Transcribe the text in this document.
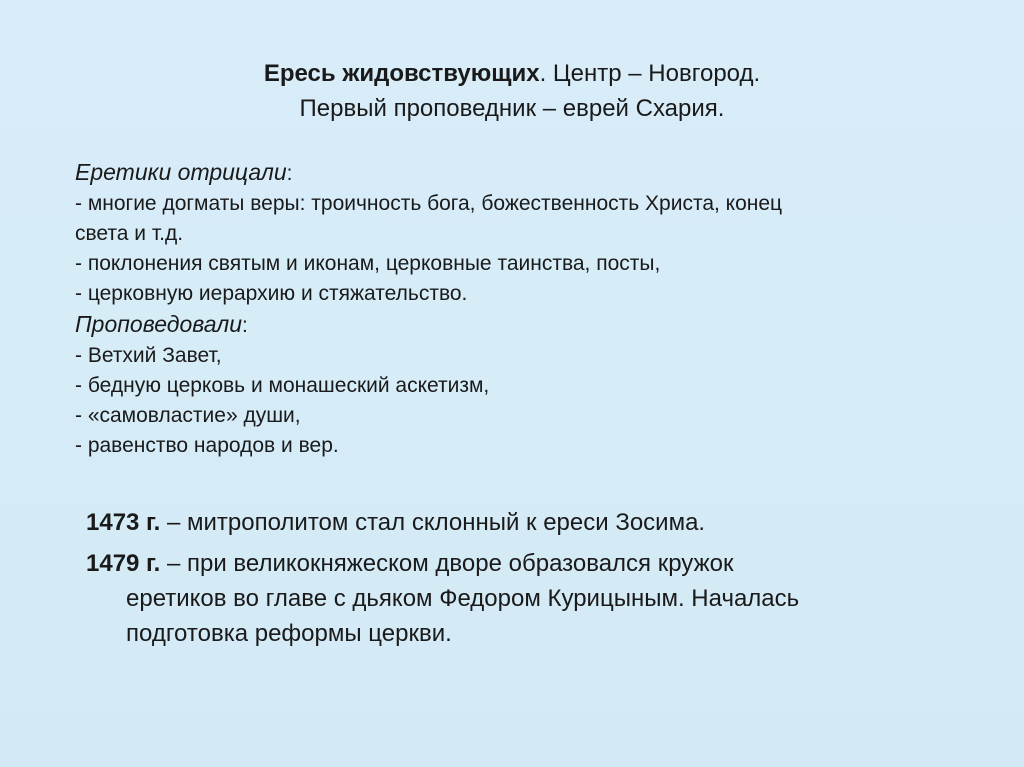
Ересь жидовствующих. Центр – Новгород.
Первый проповедник – еврей Схария.
Еретики отрицали:
- многие догматы веры: троичность бога, божественность Христа, конец
света и т.д.
- поклонения святым и иконам, церковные таинства, посты,
- церковную иерархию и стяжательство.
Проповедовали:
- Ветхий Завет,
- бедную церковь и монашеский аскетизм,
- «самовластие» души,
- равенство народов и вер.
1473 г. – митрополитом стал склонный к ереси Зосима.
1479 г. – при великокняжеском дворе образовался кружок
еретиков во главе с дьяком Федором Курицыным. Началась
подготовка реформы церкви.
